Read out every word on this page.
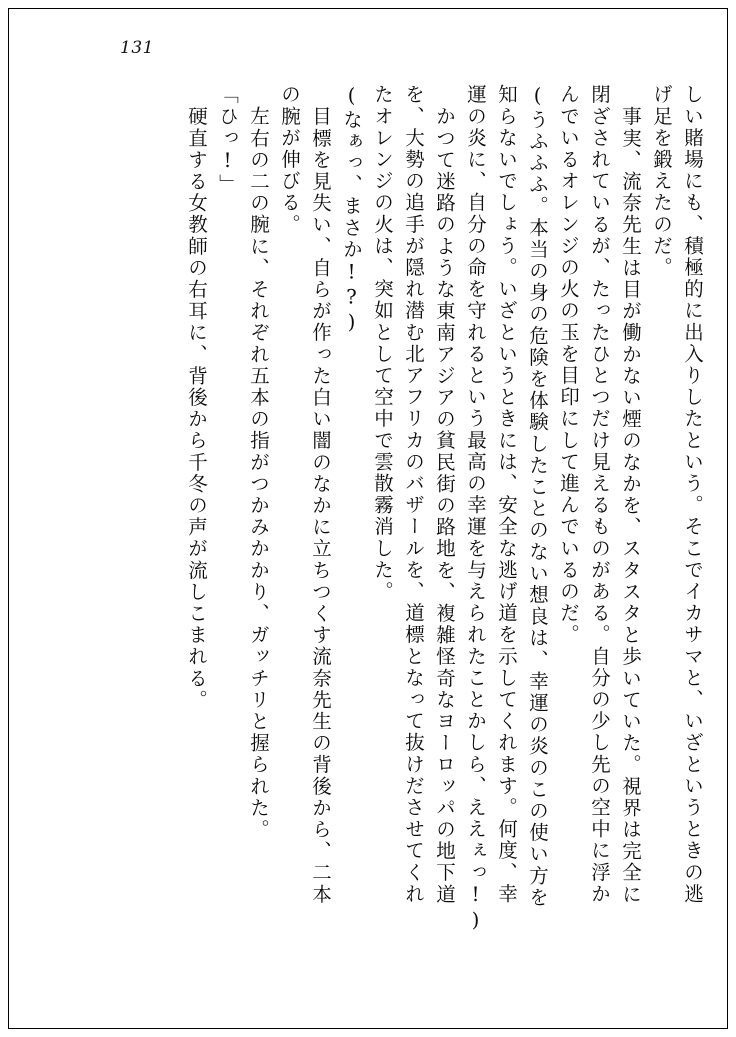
131
しい賭場にも、積極的に出入りしたという。そこでイカサマと、いざというときの逃
げ足を鍛えたのだ。
事実、流奈先生は目が働かない煙のなかを、スタスタと歩いていた。視界は完全に
閉ざされているが、たったひとつだけ見えるものがある。自分の少し先の空中に浮か
んでいるオレンジの火の玉を目印にして進んでいるのだ。
(うふふふ。本当の身の危険を体験したことのない想良は、幸運の炎のこの使い方を
知らないでしょう。いざというときには、安全な逃げ道を示してくれます。何度、幸
運の炎に、自分の命を守れるという最高の幸運を与えられたことかしら、ええぇっ!)
かつて迷路のような東南アジアの貧民街の路地を、複雑怪奇なヨーロッパの地下道
を、大勢の追手が隠れ潜む北アフリカのバザールを、道標となって抜けださせてくれ
たオレンジの火は、突如として空中で雲散霧消した。
(なぁっ、まさか!?)
目標を見失い、自らが作った白い闇のなかに立ちつくす流奈先生の背後から、二本
の腕が伸びる。
左右の二の腕に、それぞれ五本の指がつかみかかり、ガッチリと握られた。
「ひっ!」
硬直する女教師の右耳に、背後から千冬の声が流しこまれる。
